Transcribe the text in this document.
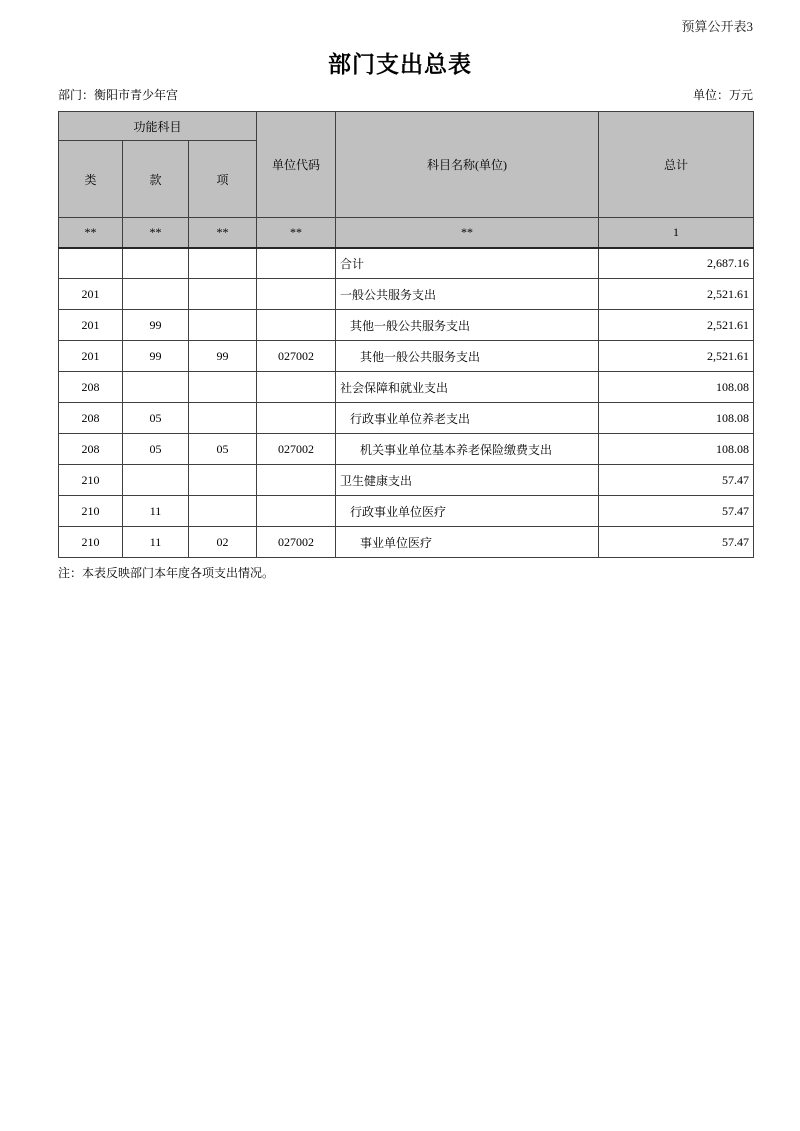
预算公开表3
部门支出总表
部门：衡阳市青少年宫	单位：万元
功能科目			单位代码	科目名称(单位)	总计
类	款	项			
**	**	**	**	**	1
				合计	2,687.16
201				一般公共服务支出	2,521.61
201	99			其他一般公共服务支出	2,521.61
201	99	99	027002	其他一般公共服务支出	2,521.61
208				社会保障和就业支出	108.08
208	05			行政事业单位养老支出	108.08
208	05	05	027002	机关事业单位基本养老保险缴费支出	108.08
210				卫生健康支出	57.47
210	11			行政事业单位医疗	57.47
210	11	02	027002	事业单位医疗	57.47
注：本表反映部门本年度各项支出情况。
